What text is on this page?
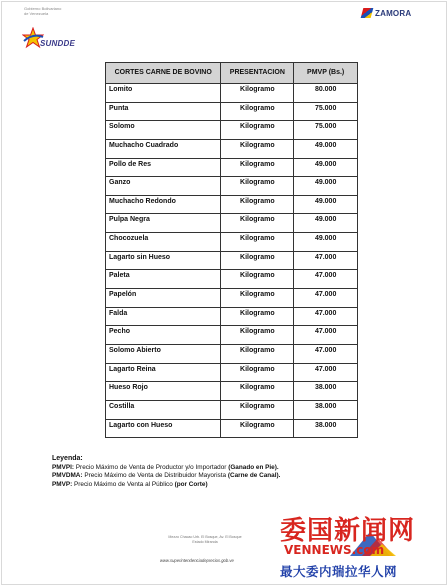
Gobierno Bolivariano
de Venezuela	ZAMORA
SUNDDE
CORTES CARNE DE BOVINO	PRESENTACION	PMVP (Bs.)
Lomito	Kilogramo	80.000
Punta	Kilogramo	75.000
Solomo	Kilogramo	75.000
Muchacho Cuadrado	Kilogramo	49.000
Pollo de Res	Kilogramo	49.000
Ganzo	Kilogramo	49.000
Muchacho Redondo	Kilogramo	49.000
Pulpa Negra	Kilogramo	49.000
Chocozuela	Kilogramo	49.000
Lagarto sin Hueso	Kilogramo	47.000
Paleta	Kilogramo	47.000
Papelón	Kilogramo	47.000
Falda	Kilogramo	47.000
Pecho	Kilogramo	47.000
Solomo Abierto	Kilogramo	47.000
Lagarto Reina	Kilogramo	47.000
Hueso Rojo	Kilogramo	38.000
Costilla	Kilogramo	38.000
Lagarto con Hueso	Kilogramo	38.000
Leyenda:
PMVPI: Precio Máximo de Venta de Productor y/o Importador (Ganado en Pie).
PMVDMA: Precio Máximo de Venta de Distribuidor Mayorista (Carne de Canal).
PMVP: Precio Máximo de Venta al Público (por Corte)
Mezzo Chacao Urb. El Bosque, Av. El Bosque
Estado Miranda
www.superintendenciadeprecios.gob.ve
委国新闻网
VENNEWS.com
最大委内瑞拉华人网
